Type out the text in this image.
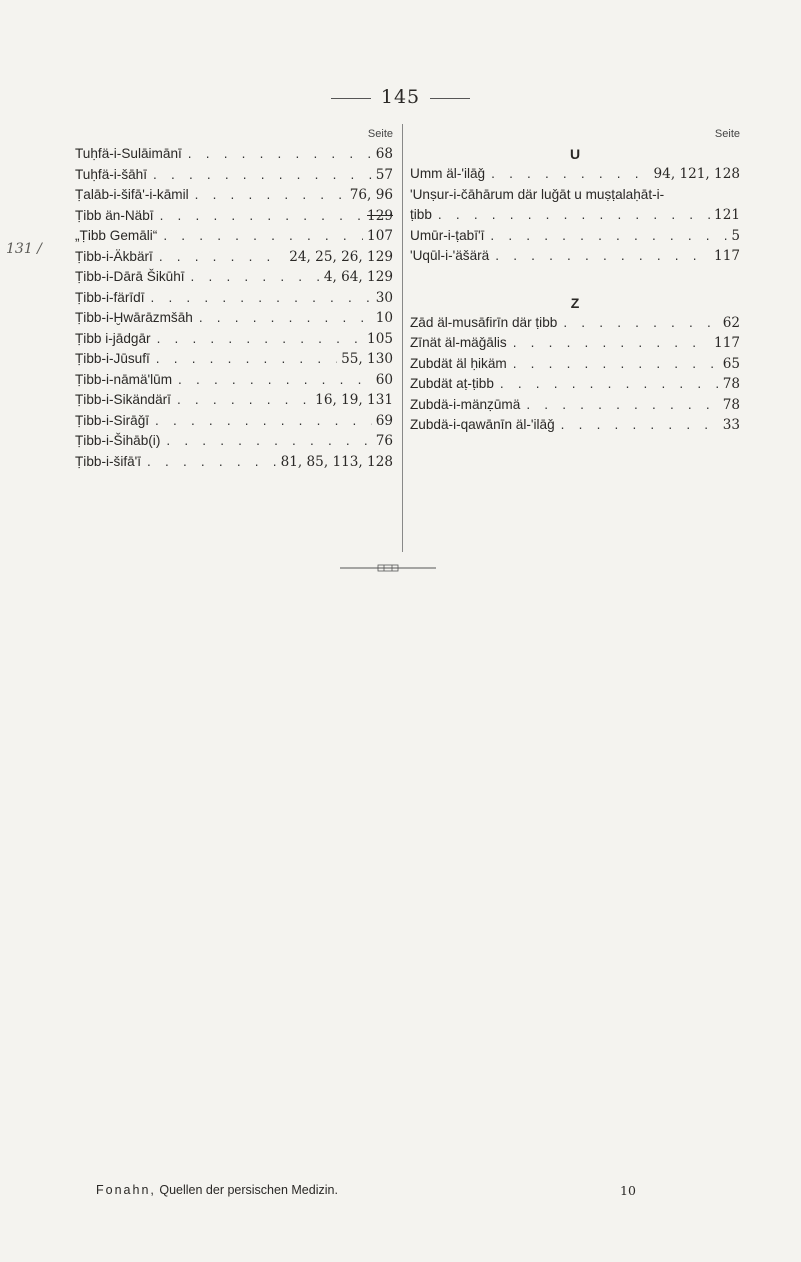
145
131 /
Seite
Tuḥfä-i-Sulāimānī . . .	68
Tuḥfä-i-šāhī . . .	57
Ṭalāb-i-šifā'-i-kāmil . . .	76, 96
Ṭibb än-Näbī . . .	129
„Ṭibb Gemāli“ . . .	107
Ṭibb-i-Äkbärī . . .	24, 25, 26, 129
Ṭibb-i-Dārā Šikūhī . . .	4, 64, 129
Ṭibb-i-färīdī . . .	30
Ṭibb-i-Ḫwārāzmšāh . . .	10
Ṭibb i-jādgār . . .	105
Ṭibb-i-Jūsufī . . .	55, 130
Ṭibb-i-nāmä'lūm . . .	60
Ṭibb-i-Sikändärī . . .	16, 19, 131
Ṭibb-i-Sirāǧī . . .	69
Ṭibb-i-Šihāb(i) . . .	76
Ṭibb-i-šifā'ī . . .	81, 85, 113, 128
Seite
U
Umm äl-'ilāǧ . . .	94, 121, 128
'Unṣur-i-čāhārum där luǧāt u muṣṭalaḥāt-i-
ṭibb . . .	121
Umūr-i-ṭabī'ī . . .	5
'Uqūl-i-'äšärä . . .	117
Z
Zād äl-musāfirīn där ṭibb . . .	62
Zīnät äl-mäǧālis . . .	117
Zubdät äl ḥikäm . . .	65
Zubdät aṭ-ṭibb . . .	78
Zubdä-i-mänẓūmä . . .	78
Zubdä-i-qawānīn äl-'ilāǧ . . .	33
Fonahn, Quellen der persischen Medizin.	10
